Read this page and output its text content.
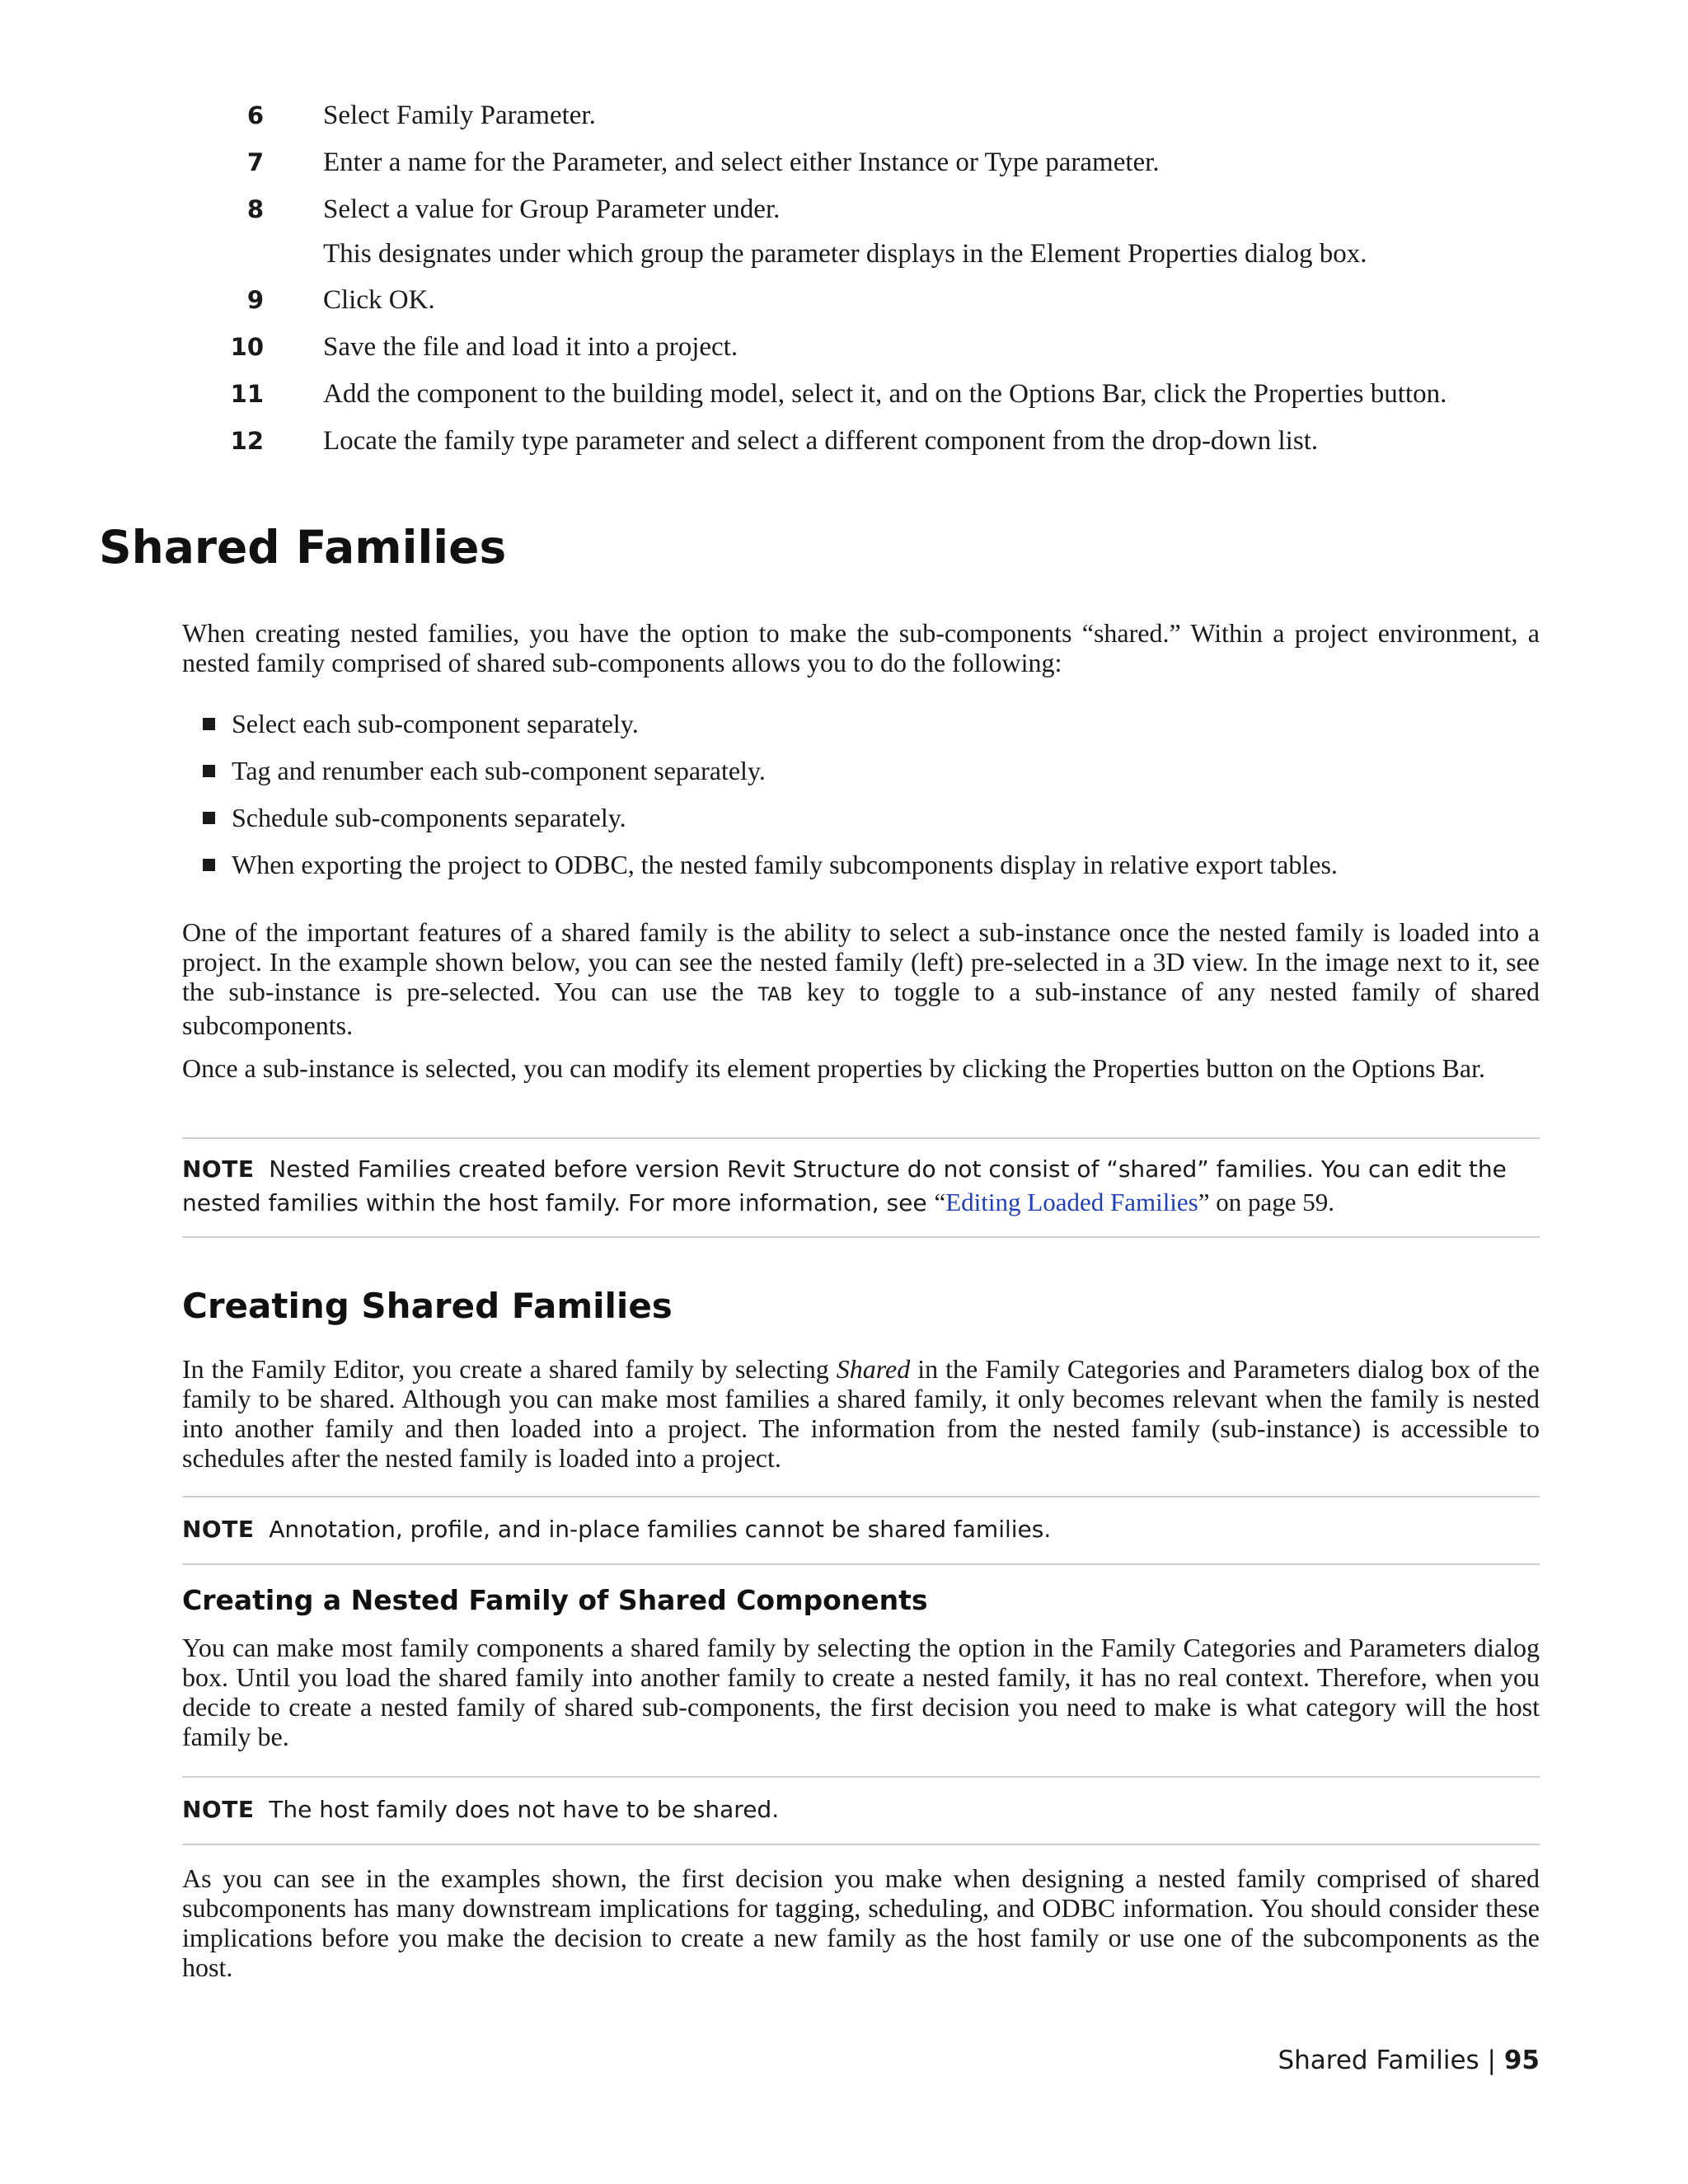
6 Select Family Parameter.
7 Enter a name for the Parameter, and select either Instance or Type parameter.
8 Select a value for Group Parameter under.
This designates under which group the parameter displays in the Element Properties dialog box.
9 Click OK.
10 Save the file and load it into a project.
11 Add the component to the building model, select it, and on the Options Bar, click the Properties button.
12 Locate the family type parameter and select a different component from the drop-down list.
Shared Families

When creating nested families, you have the option to make the sub-components “shared.” Within a project environment, a nested family comprised of shared sub-components allows you to do the following:

Select each sub-component separately.
Tag and renumber each sub-component separately.
Schedule sub-components separately.
When exporting the project to ODBC, the nested family subcomponents display in relative export tables.

One of the important features of a shared family is the ability to select a sub-instance once the nested family is loaded into a project. In the example shown below, you can see the nested family (left) pre-selected in a 3D view. In the image next to it, see the sub-instance is pre-selected. You can use the TAB key to toggle to a sub-instance of any nested family of shared subcomponents.

Once a sub-instance is selected, you can modify its element properties by clicking the Properties button on the Options Bar.

NOTE Nested Families created before version Revit Structure do not consist of “shared” families. You can edit the nested families within the host family. For more information, see “Editing Loaded Families” on page 59.

Creating Shared Families

In the Family Editor, you create a shared family by selecting Shared in the Family Categories and Parameters dialog box of the family to be shared. Although you can make most families a shared family, it only becomes relevant when the family is nested into another family and then loaded into a project. The information from the nested family (sub-instance) is accessible to schedules after the nested family is loaded into a project.

NOTE Annotation, profile, and in-place families cannot be shared families.

Creating a Nested Family of Shared Components

You can make most family components a shared family by selecting the option in the Family Categories and Parameters dialog box. Until you load the shared family into another family to create a nested family, it has no real context. Therefore, when you decide to create a nested family of shared sub-components, the first decision you need to make is what category will the host family be.

NOTE The host family does not have to be shared.

As you can see in the examples shown, the first decision you make when designing a nested family comprised of shared subcomponents has many downstream implications for tagging, scheduling, and ODBC information. You should consider these implications before you make the decision to create a new family as the host family or use one of the subcomponents as the host.

Shared Families | 95
